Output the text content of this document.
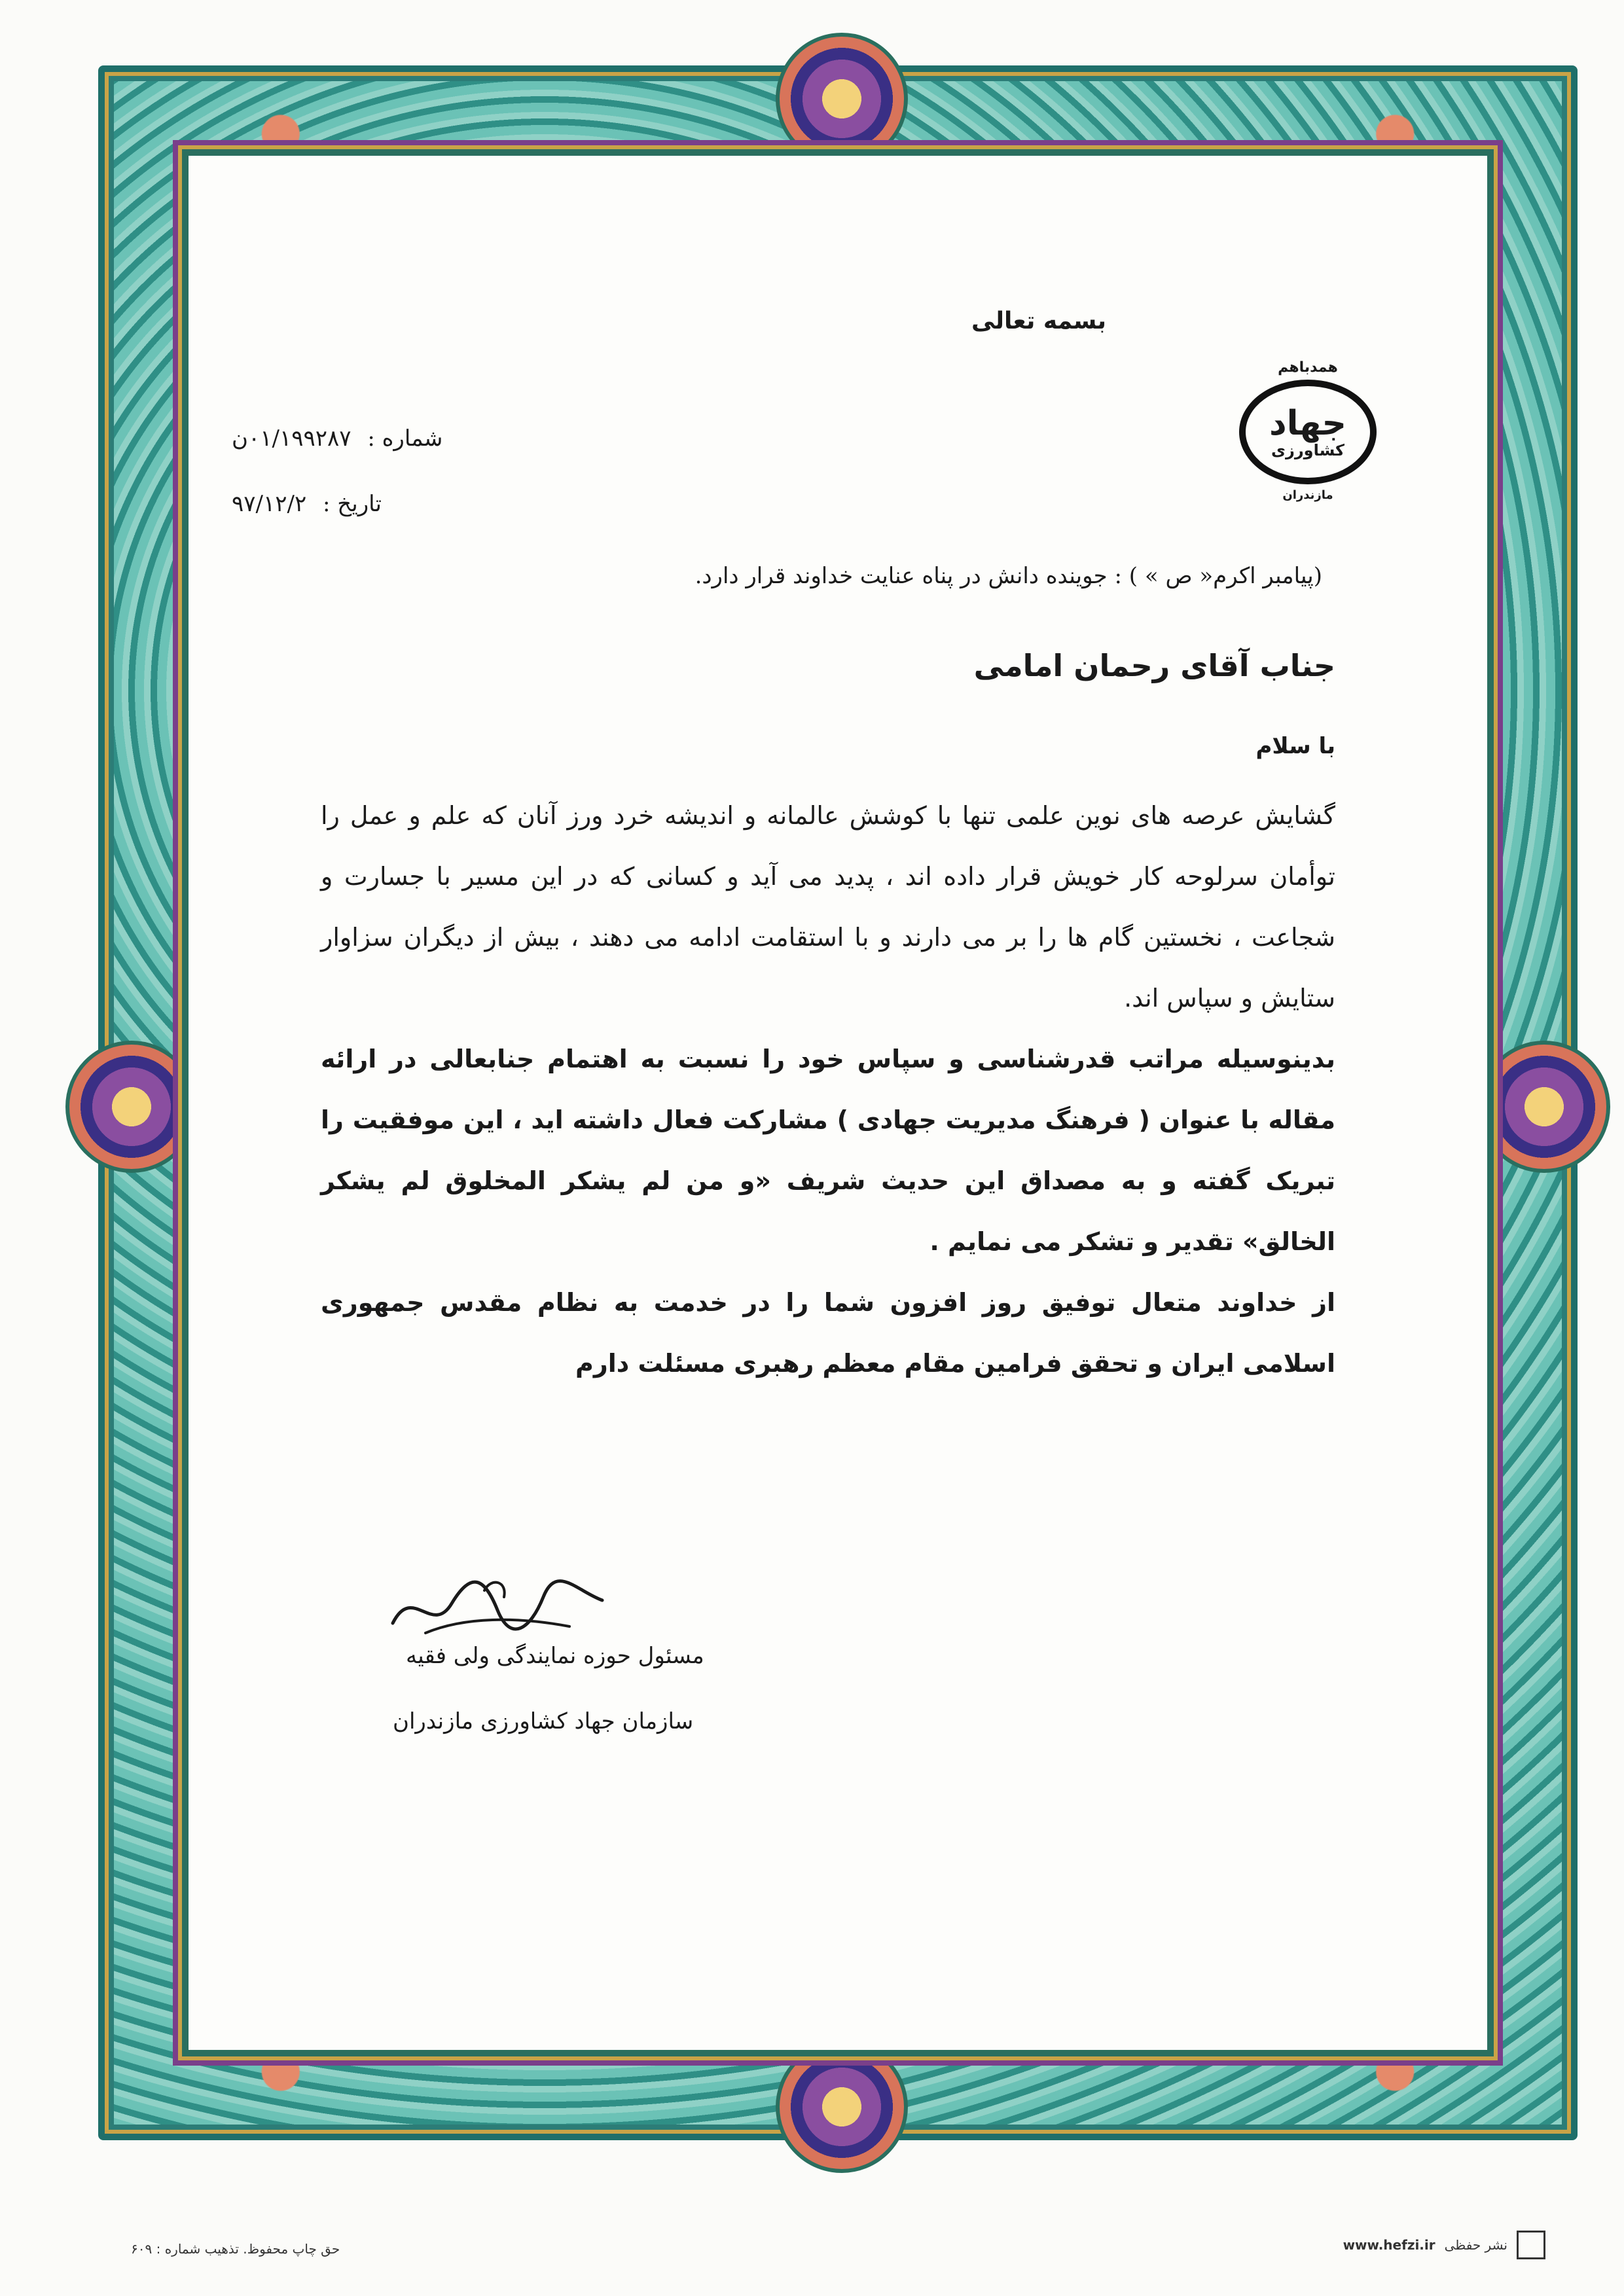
بسمه تعالی
همدباهم
جهاد
کشاورزی
مازندران
شماره : ۰۱/۱۹۹۲۸۷ن
تاریخ : ۹۷/۱۲/۲
(پیامبر اکرم« ص » ) : جوینده دانش در پناه عنایت خداوند قرار دارد.
جناب آقای رحمان امامی
با سلام

گشایش عرصه های نوین علمی تنها با کوشش عالمانه و اندیشه خرد ورز آنان که علم و عمل را توأمان سرلوحه کار خویش قرار داده اند ، پدید می آید و کسانی که در این مسیر با جسارت و شجاعت ، نخستین گام ها را بر می دارند و با استقامت ادامه می دهند ، بیش از دیگران سزاوار ستایش و سپاس اند.

بدینوسیله مراتب قدرشناسی و سپاس خود را نسبت به اهتمام جنابعالی در ارائه مقاله با عنوان ( فرهنگ مدیریت جهادی ) مشارکت فعال داشته اید ، این موفقیت را تبریک گفته و به مصداق این حدیث شریف «و من لم یشکر المخلوق لم یشکر الخالق» تقدیر و تشکر می نمایم .

از خداوند متعال توفیق روز افزون شما را در خدمت به نظام مقدس جمهوری اسلامی ایران و تحقق فرامین مقام معظم رهبری مسئلت دارم

مسئول حوزه نمایندگی ولی فقیه
سازمان جهاد کشاورزی مازندران
حق چاپ محفوظ. تذهیب شماره : ۶۰۹	www.hefzi.ir نشر حفظی
